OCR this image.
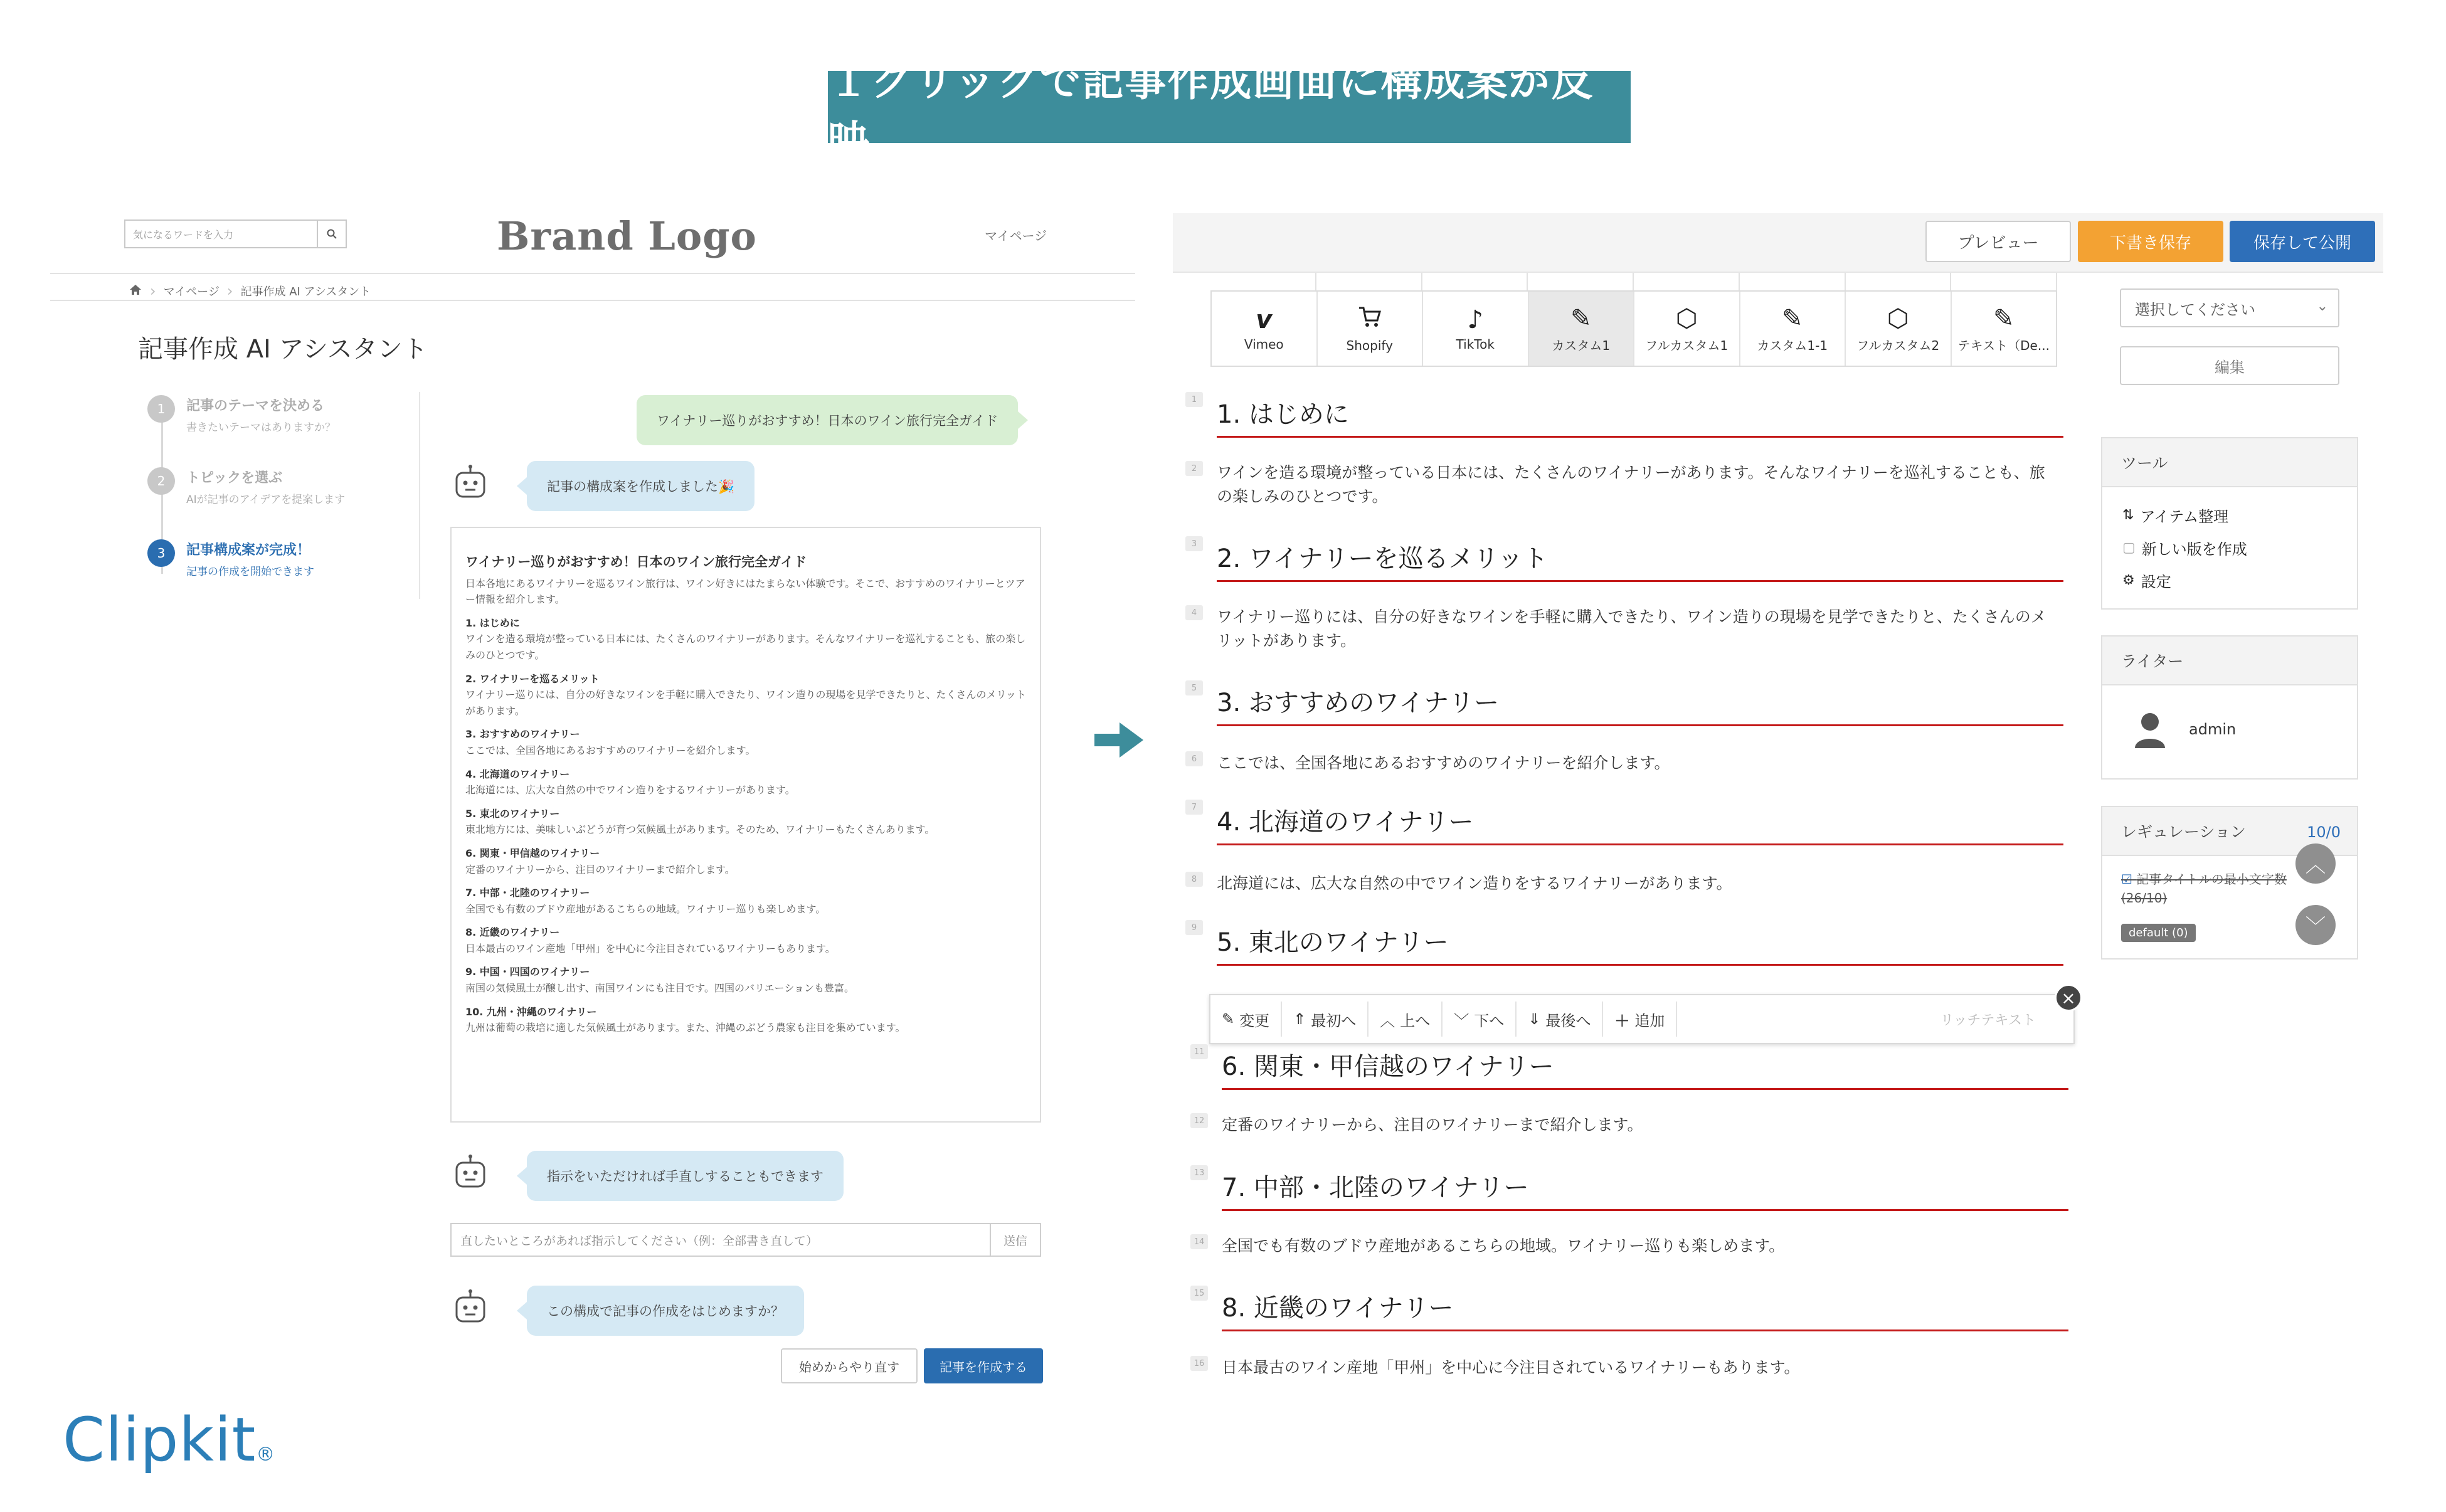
１クリックで記事作成画面に構成案が反映
気になるワードを入力	Brand Logo	マイページ
› マイページ › 記事作成 AI アシスタント
記事作成 AI アシスタント
1	記事のテーマを決める
書きたいテーマはありますか？
2	トピックを選ぶ
AIが記事のアイデアを提案します
3	記事構成案が完成！
記事の作成を開始できます
ワイナリー巡りがおすすめ！日本のワイン旅行完全ガイド
記事の構成案を作成しました🎉
ワイナリー巡りがおすすめ！日本のワイン旅行完全ガイド
日本各地にあるワイナリーを巡るワイン旅行は、ワイン好きにはたまらない体験です。そこで、おすすめのワイナリーとツアー情報を紹介します。
1. はじめに
ワインを造る環境が整っている日本には、たくさんのワイナリーがあります。そんなワイナリーを巡礼することも、旅の楽しみのひとつです。
2. ワイナリーを巡るメリット
ワイナリー巡りには、自分の好きなワインを手軽に購入できたり、ワイン造りの現場を見学できたりと、たくさんのメリットがあります。
3. おすすめのワイナリー
ここでは、全国各地にあるおすすめのワイナリーを紹介します。
4. 北海道のワイナリー
北海道には、広大な自然の中でワイン造りをするワイナリーがあります。
5. 東北のワイナリー
東北地方には、美味しいぶどうが育つ気候風土があります。そのため、ワイナリーもたくさんあります。
6. 関東・甲信越のワイナリー
定番のワイナリーから、注目のワイナリーまで紹介します。
7. 中部・北陸のワイナリー
全国でも有数のブドウ産地があるこちらの地域。ワイナリー巡りも楽しめます。
8. 近畿のワイナリー
日本最古のワイン産地「甲州」を中心に今注目されているワイナリーもあります。
9. 中国・四国のワイナリー
南国の気候風土が醸し出す、南国ワインにも注目です。四国のバリエーションも豊富。
10. 九州・沖縄のワイナリー
九州は葡萄の栽培に適した気候風土があります。また、沖縄のぶどう農家も注目を集めています。
指示をいただければ手直しすることもできます
直したいところがあれば指示してください（例：全部書き直して）	送信
この構成で記事の作成をはじめますか？
始めからやり直す	記事を作成する
プレビュー	下書き保存	保存して公開
v
Vimeo	Shopify
♪
TikTok
✎
カスタム1
⬡
フルカスタム1
✎
カスタム1-1
⬡
フルカスタム2
✎
テキスト（De...
1
1. はじめに
2	ワインを造る環境が整っている日本には、たくさんのワイナリーがあります。そんなワイナリーを巡礼することも、旅の楽しみのひとつです。
3
2. ワイナリーを巡るメリット
4	ワイナリー巡りには、自分の好きなワインを手軽に購入できたり、ワイン造りの現場を見学できたりと、たくさんのメリットがあります。
5
3. おすすめのワイナリー
6	ここでは、全国各地にあるおすすめのワイナリーを紹介します。
7
4. 北海道のワイナリー
8	北海道には、広大な自然の中でワイン造りをするワイナリーがあります。
9
5. 東北のワイナリー
✎ 変更 ⇑ 最初へ ︿ 上へ ﹀ 下へ ⇓ 最後へ ＋ 追加	リッチテキスト
×
11
6. 関東・甲信越のワイナリー
12 定番のワイナリーから、注目のワイナリーまで紹介します。
13
7. 中部・北陸のワイナリー
14 全国でも有数のブドウ産地があるこちらの地域。ワイナリー巡りも楽しめます。
15
8. 近畿のワイナリー
16 日本最古のワイン産地「甲州」を中心に今注目されているワイナリーもあります。
選択してください	⌄
編集
ツール
⇅ アイテム整理
▢ 新しい版を作成
⚙ 設定
ライター
admin
レギュレーション	10/0
☑ 記事タイトルの最小文字数
(26/10)
default (0)
︿
﹀
Clipkit®
